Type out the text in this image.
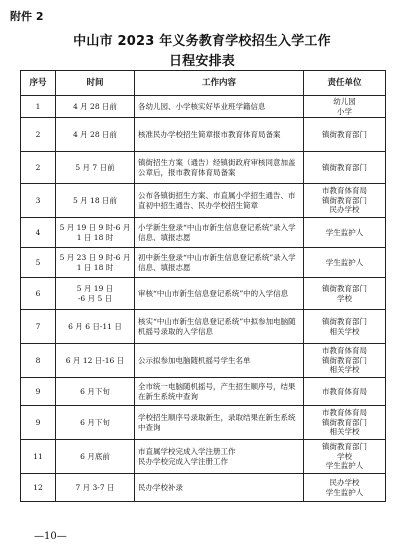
附件 2
中山市 2023 年义务教育学校招生入学工作
日程安排表
序号	时间	工作内容	责任单位
1	4 月 28 日前	各幼儿园、小学核实好毕业班学籍信息	幼儿园
小学
2	4 月 28 日前	核准民办学校招生简章报市教育体育局备案	镇街教育部门
2	5 月 7 日前	镇街招生方案（通告）经镇街政府审核同意加盖公章后，报市教育体育局备案	镇街教育部门
3	5 月 18 日前	公布各镇街招生方案、市直属小学招生通告、市直初中招生通告、民办学校招生简章	市教育体育局
镇街教育部门
民办学校
4	5 月 19 日 9 时-6 月 1 日 18 时	小学新生登录“中山市新生信息登记系统”录入学信息、填报志愿	学生监护人
5	5 月 23 日 9 时-6 月 1 日 18 时	初中新生登录“中山市新生信息登记系统”录入学信息、填报志愿	学生监护人
6	5 月 19 日
-6 月 5 日	审核“中山市新生信息登记系统”中的入学信息	镇街教育部门
学校
7	6 月 6 日-11 日	核实“中山市新生信息登记系统”中拟参加电脑随机摇号录取的入学信息	镇街教育部门
相关学校
8	6 月 12 日-16 日	公示拟参加电脑随机摇号学生名单	市教育体育局
镇街教育部门
相关学校
9	6 月下旬	全市统一电脑随机摇号，产生招生顺序号，结果在新生系统中查询	市教育体育局
9	6 月下旬	学校招生顺序号录取新生，录取结果在新生系统中查询	市教育体育局
镇街教育部门
相关学校
11	6 月底前	市直属学校完成入学注册工作
民办学校完成入学注册工作	镇街教育部门
学校
学生监护人
12	7 月 3-7 日	民办学校补录	民办学校
学生监护人
—10—
